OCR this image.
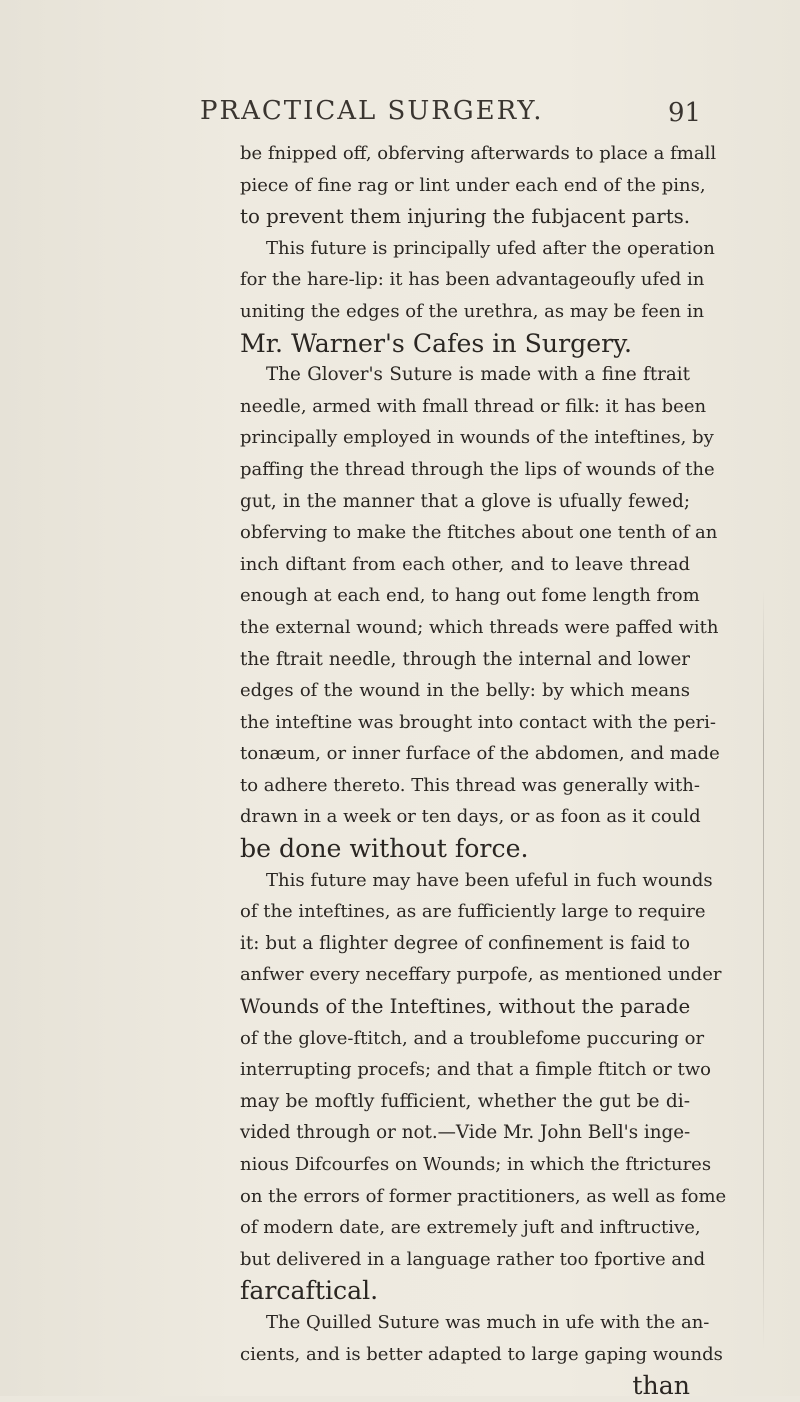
PRACTICAL SURGERY.	91
be fnipped off, obferving afterwards to place a fmall
piece of fine rag or lint under each end of the pins,
to prevent them injuring the fubjacent parts.
This future is principally ufed after the operation
for the hare-lip: it has been advantageoufly ufed in
uniting the edges of the urethra, as may be feen in
Mr. Warner's Cafes in Surgery.
The Glover's Suture is made with a fine ftrait
needle, armed with fmall thread or filk: it has been
principally employed in wounds of the inteftines, by
paffing the thread through the lips of wounds of the
gut, in the manner that a glove is ufually fewed;
obferving to make the ftitches about one tenth of an
inch diftant from each other, and to leave thread
enough at each end, to hang out fome length from
the external wound; which threads were paffed with
the ftrait needle, through the internal and lower
edges of the wound in the belly: by which means
the inteftine was brought into contact with the peri-
tonæum, or inner furface of the abdomen, and made
to adhere thereto. This thread was generally with-
drawn in a week or ten days, or as foon as it could
be done without force.
This future may have been ufeful in fuch wounds
of the inteftines, as are fufficiently large to require
it: but a flighter degree of confinement is faid to
anfwer every neceffary purpofe, as mentioned under
Wounds of the Inteftines, without the parade
of the glove-ftitch, and a troublefome puccuring or
interrupting procefs; and that a fimple ftitch or two
may be moftly fufficient, whether the gut be di-
vided through or not.—Vide Mr. John Bell's inge-
nious Difcourfes on Wounds; in which the ftrictures
on the errors of former practitioners, as well as fome
of modern date, are extremely juft and inftructive,
but delivered in a language rather too fportive and
farcaftical.
The Quilled Suture was much in ufe with the an-
cients, and is better adapted to large gaping wounds
than
